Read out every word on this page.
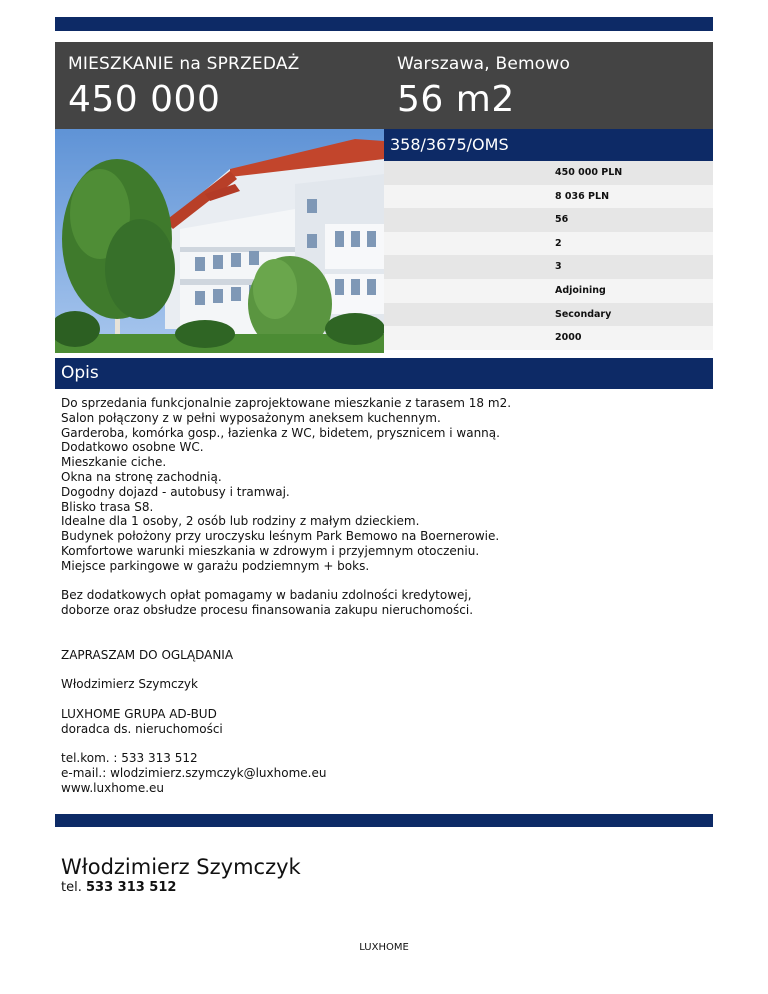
MIESZKANIE na SPRZEDAŻ
450 000
Warszawa, Bemowo
56 m2
358/3675/OMS
450 000 PLN
8 036 PLN
56
2
3
Adjoining
Secondary
2000
Opis

Do sprzedania funkcjonalnie zaprojektowane mieszkanie z tarasem 18 m2.

Salon połączony z w pełni wyposażonym aneksem kuchennym.

Garderoba, komórka gosp., łazienka z WC, bidetem, prysznicem i wanną.

Dodatkowo osobne WC.

Mieszkanie ciche.

Okna na stronę zachodnią.

Dogodny dojazd - autobusy i tramwaj.

Blisko trasa S8.

Idealne dla 1 osoby, 2 osób lub rodziny z małym dzieckiem.

Budynek położony przy uroczysku leśnym Park Bemowo na Boernerowie.

Komfortowe warunki mieszkania w zdrowym i przyjemnym otoczeniu.

Miejsce parkingowe w garażu podziemnym + boks.

Bez dodatkowych opłat pomagamy w badaniu zdolności kredytowej,

doborze oraz obsłudze procesu finansowania zakupu nieruchomości.

ZAPRASZAM DO OGLĄDANIA

Włodzimierz Szymczyk

LUXHOME GRUPA AD-BUD

doradca ds. nieruchomości

tel.kom. : 533 313 512

e-mail.: wlodzimierz.szymczyk@luxhome.eu

www.luxhome.eu

Włodzimierz Szymczyk
tel. 533 313 512
LUXHOME
